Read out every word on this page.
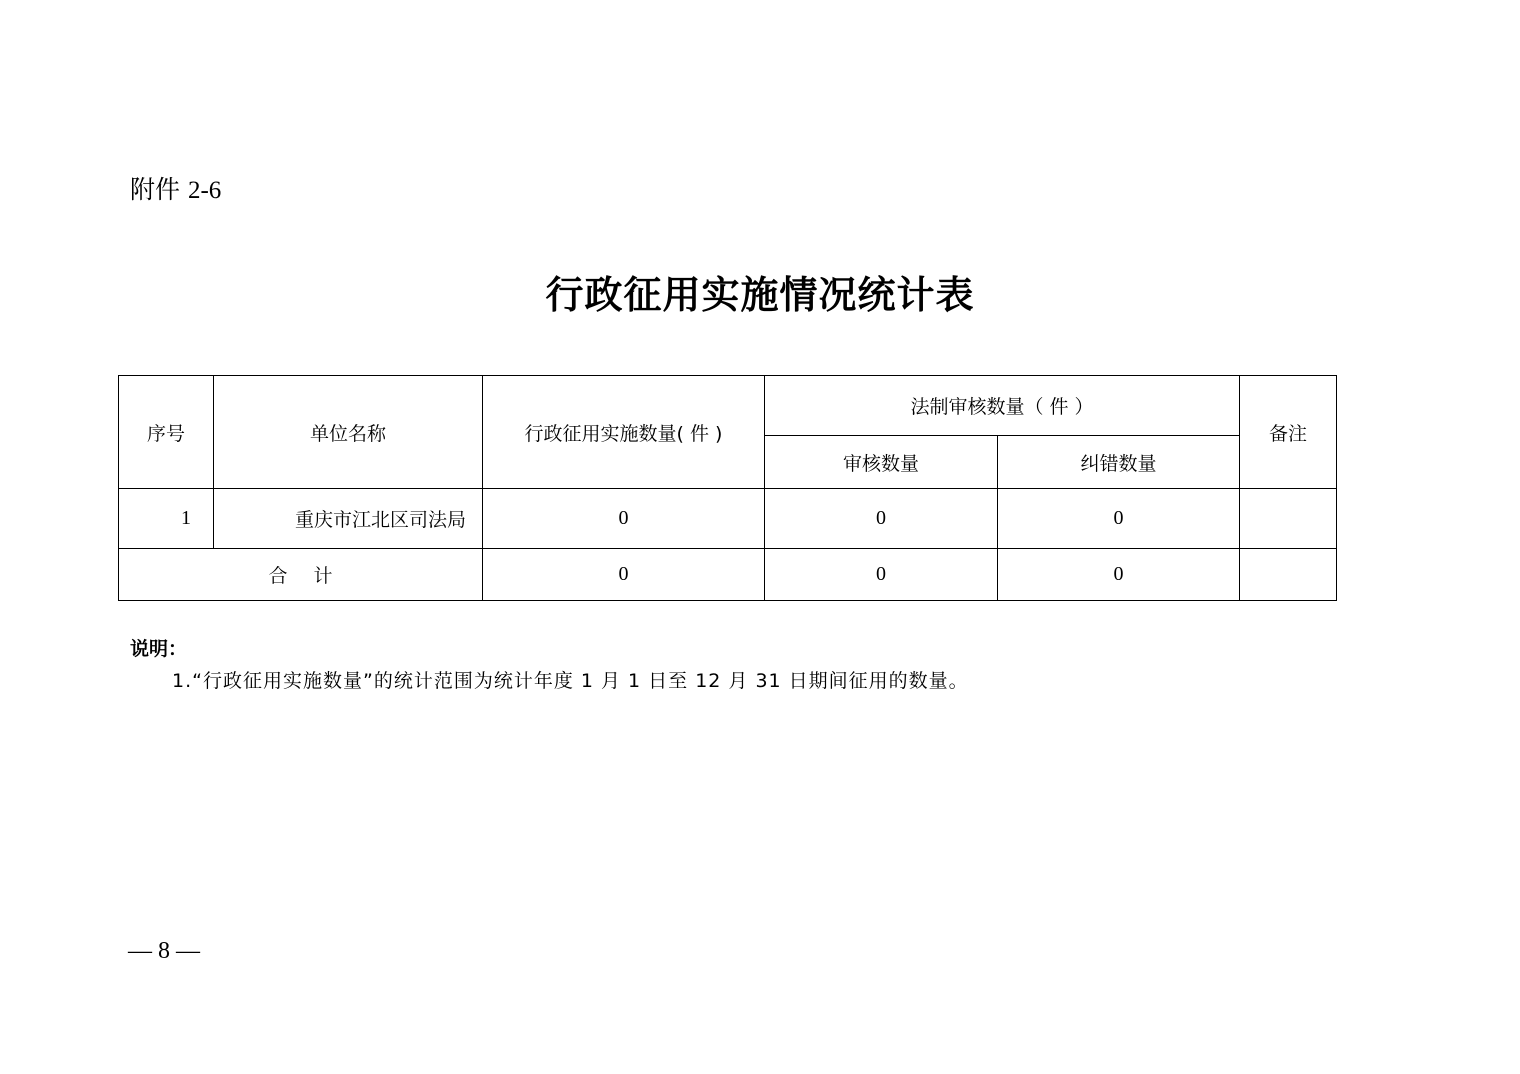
附件 2-6
行政征用实施情况统计表
序号	单位名称	行政征用实施数量( 件 )	法制审核数量（ 件 ）		备注
			审核数量	纠错数量	
1	重庆市江北区司法局	0	0	0	
合计		0	0	0	
说明：
1.“行政征用实施数量”的统计范围为统计年度 1 月 1 日至 12 月 31 日期间征用的数量。
— 8 —
